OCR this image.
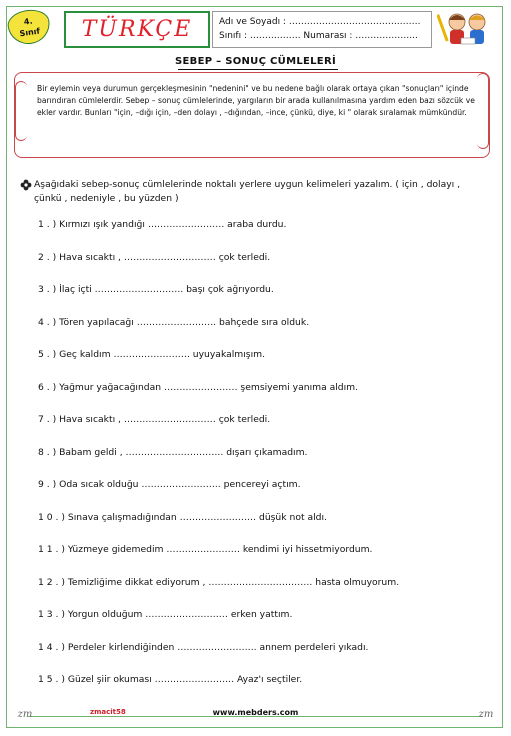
4.
Sınıf	TÜRKÇE	Adı ve Soyadı : ……………………………….…….
Sınıfı : ……….……. Numarası : ………………...
SEBEP – SONUÇ CÜMLELERİ
Bir eylemin veya durumun gerçekleşmesinin "nedenini" ve bu nedene bağlı olarak ortaya çıkan "sonuçları" içinde barındıran cümlelerdir. Sebep – sonuç cümlelerinde, yargıların bir arada kullanılmasına yardım eden bazı sözcük ve ekler vardır. Bunları "için, –dığı için, –den dolayı , –dığından, –ince, çünkü, diye, ki " olarak sıralamak mümkündür.
Aşağıdaki sebep-sonuç cümlelerinde noktalı yerlere uygun kelimeleri yazalım. ( için , dolayı , çünkü , nedeniyle , bu yüzden )
1 . ) Kırmızı ışık yandığı ……………………. araba durdu.
2 . ) Hava sıcaktı , ………………………… çok terledi.
3 . ) İlaç içti ……………………….. başı çok ağrıyordu.
4 . ) Tören yapılacağı …………………….. bahçede sıra olduk.
5 . ) Geç kaldım ……………………. uyuyakalmışım.
6 . ) Yağmur yağacağından …………………… şemsiyemi yanıma aldım.
7 . ) Hava sıcaktı , ………………………… çok terledi.
8 . ) Babam geldi , ………………………….. dışarı çıkamadım.
9 . ) Oda sıcak olduğu …………………….. pencereyi açtım.
1 0 . ) Sınava çalışmadığından ………………….… düşük not aldı.
1 1 . ) Yüzmeye gidemedim …………………… kendimi iyi hissetmiyordum.
1 2 . ) Temizliğime dikkat ediyorum , ……………………………. hasta olmuyorum.
1 3 . ) Yorgun olduğum ……………………… erken yattım.
1 4 . ) Perdeler kirlendiğinden …………………….. annem perdeleri yıkadı.
1 5 . ) Güzel şiir okuması …………………….. Ayaz'ı seçtiler.
zm	zm
zmacit58	www.mebders.com
